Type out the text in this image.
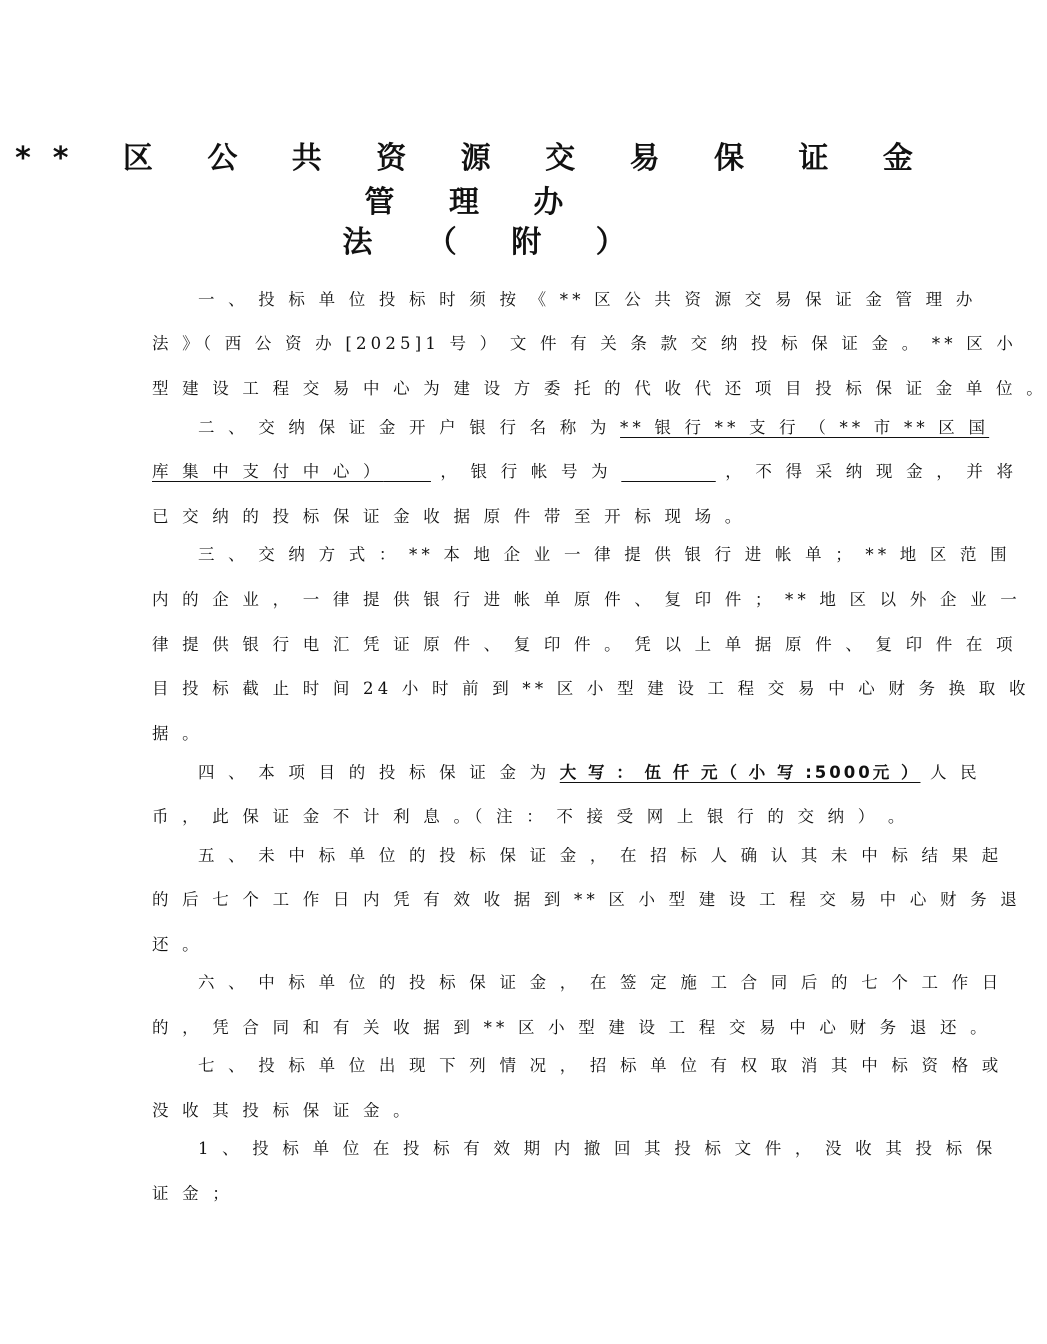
** 区 公 共 资 源 交 易 保 证 金 管 理 办
法 （ 附 ）
一 、 投 标 单 位 投 标 时 须 按 《 ** 区 公 共 资 源 交 易 保 证 金 管 理 办
法 》（ 西 公 资 办 [2025]1 号 ） 文 件 有 关 条 款 交 纳 投 标 保 证 金 。 ** 区 小
型 建 设 工 程 交 易 中 心 为 建 设 方 委 托 的 代 收 代 还 项 目 投 标 保 证 金 单 位 。
二 、 交 纳 保 证 金 开 户 银 行 名 称 为 ** 银 行 ** 支 行 （ ** 市 ** 区 国
库 集 中 支 付 中 心 ）	， 银 行 帐 号 为	， 不 得 采 纳 现 金 ， 并 将
已 交 纳 的 投 标 保 证 金 收 据 原 件 带 至 开 标 现 场 。
三 、 交 纳 方 式 ： ** 本 地 企 业 一 律 提 供 银 行 进 帐 单 ； ** 地 区 范 围
内 的 企 业 ， 一 律 提 供 银 行 进 帐 单 原 件 、 复 印 件 ； ** 地 区 以 外 企 业 一
律 提 供 银 行 电 汇 凭 证 原 件 、 复 印 件 。 凭 以 上 单 据 原 件 、 复 印 件 在 项
目 投 标 截 止 时 间 24 小 时 前 到 ** 区 小 型 建 设 工 程 交 易 中 心 财 务 换 取 收
据 。
四 、 本 项 目 的 投 标 保 证 金 为 大 写 ： 伍 仟 元（ 小 写 :5000元 ） 人 民
币 ， 此 保 证 金 不 计 利 息 。（ 注 ： 不 接 受 网 上 银 行 的 交 纳 ） 。
五 、 未 中 标 单 位 的 投 标 保 证 金 ， 在 招 标 人 确 认 其 未 中 标 结 果 起
的 后 七 个 工 作 日 内 凭 有 效 收 据 到 ** 区 小 型 建 设 工 程 交 易 中 心 财 务 退
还 。
六 、 中 标 单 位 的 投 标 保 证 金 ， 在 签 定 施 工 合 同 后 的 七 个 工 作 日
的 ， 凭 合 同 和 有 关 收 据 到 ** 区 小 型 建 设 工 程 交 易 中 心 财 务 退 还 。
七 、 投 标 单 位 出 现 下 列 情 况 ， 招 标 单 位 有 权 取 消 其 中 标 资 格 或
没 收 其 投 标 保 证 金 。
1 、 投 标 单 位 在 投 标 有 效 期 内 撤 回 其 投 标 文 件 ， 没 收 其 投 标 保
证 金 ；
